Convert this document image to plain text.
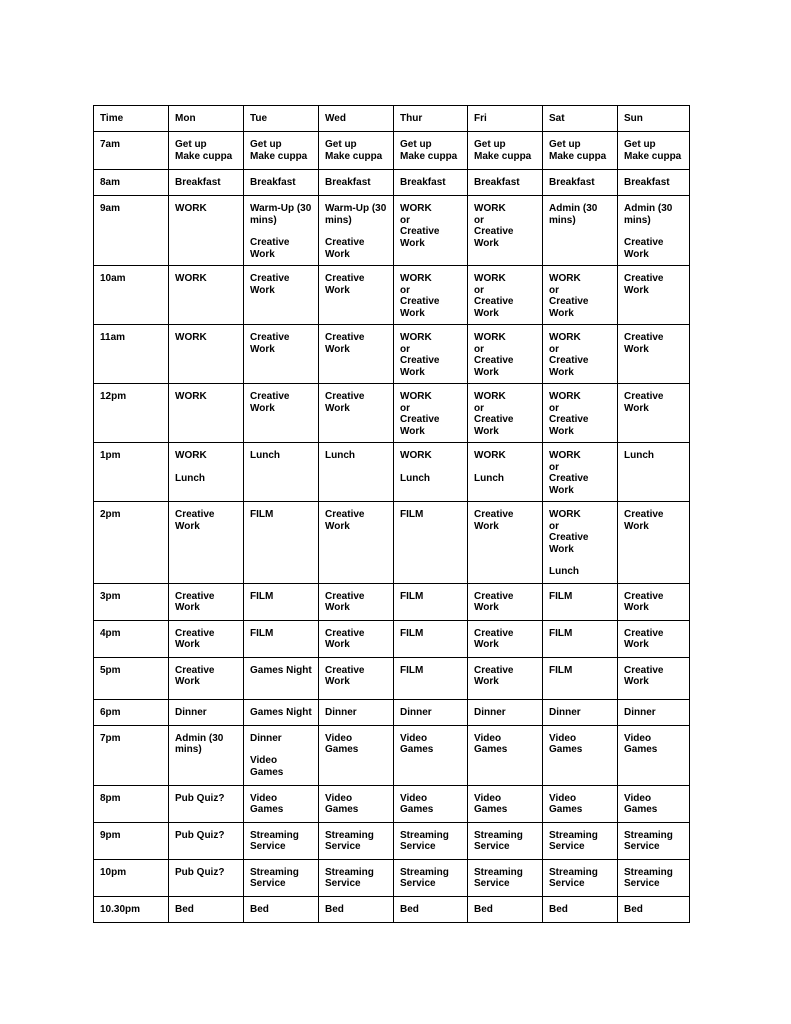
Time	Mon	Tue	Wed	Thur	Fri	Sat	Sun

7am	Get up
Make cuppa	Get up
Make cuppa	Get up
Make cuppa	Get up
Make cuppa	Get up
Make cuppa	Get up
Make cuppa	Get up
Make cuppa

8am	Breakfast	Breakfast	Breakfast	Breakfast	Breakfast	Breakfast	Breakfast

9am	WORK	Warm-Up (30
mins)
Creative
Work	Warm-Up (30
mins)
Creative
Work	WORK
or
Creative
Work	WORK
or
Creative
Work	Admin (30
mins)	Admin (30
mins)
Creative
Work

10am	WORK	Creative
Work	Creative
Work	WORK
or
Creative
Work	WORK
or
Creative
Work	WORK
or
Creative
Work	Creative
Work

11am	WORK	Creative
Work	Creative
Work	WORK
or
Creative
Work	WORK
or
Creative
Work	WORK
or
Creative
Work	Creative
Work

12pm	WORK	Creative
Work	Creative
Work	WORK
or
Creative
Work	WORK
or
Creative
Work	WORK
or
Creative
Work	Creative
Work

1pm	WORK
Lunch	Lunch	Lunch	WORK
Lunch	WORK
Lunch	WORK
or
Creative
Work	Lunch

2pm	Creative
Work	FILM	Creative
Work	FILM	Creative
Work	WORK
or
Creative
Work
Lunch	Creative
Work

3pm	Creative
Work	FILM	Creative
Work	FILM	Creative
Work	FILM	Creative
Work

4pm	Creative
Work	FILM	Creative
Work	FILM	Creative
Work	FILM	Creative
Work

5pm	Creative
Work	Games Night	Creative
Work	FILM	Creative
Work	FILM	Creative
Work

6pm	Dinner	Games Night	Dinner	Dinner	Dinner	Dinner	Dinner

7pm	Admin (30
mins)	Dinner
Video
Games	Video
Games	Video
Games	Video
Games	Video
Games	Video
Games

8pm	Pub Quiz?	Video
Games	Video
Games	Video
Games	Video
Games	Video
Games	Video
Games

9pm	Pub Quiz?	Streaming
Service	Streaming
Service	Streaming
Service	Streaming
Service	Streaming
Service	Streaming
Service

10pm	Pub Quiz?	Streaming
Service	Streaming
Service	Streaming
Service	Streaming
Service	Streaming
Service	Streaming
Service

10.30pm	Bed	Bed	Bed	Bed	Bed	Bed	Bed
